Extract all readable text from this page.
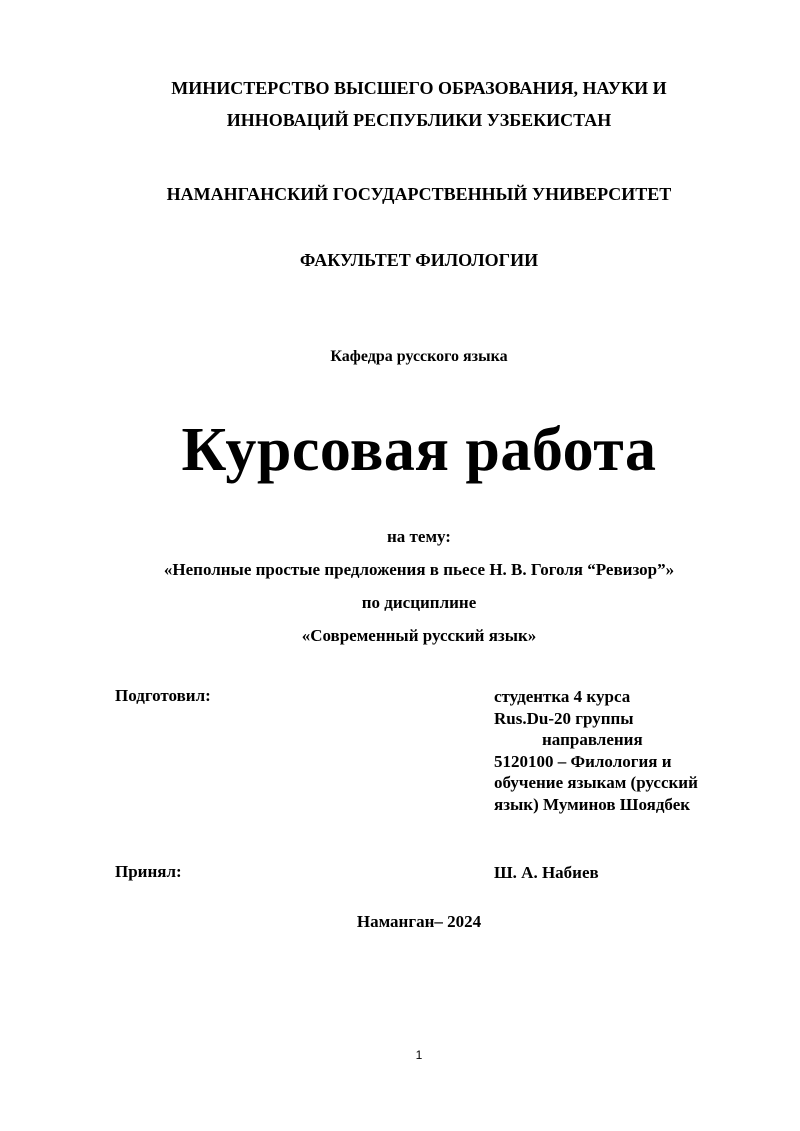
МИНИСТЕРСТВО ВЫСШЕГО ОБРАЗОВАНИЯ, НАУКИ И
ИННОВАЦИЙ РЕСПУБЛИКИ УЗБЕКИСТАН
НАМАНГАНСКИЙ ГОСУДАРСТВЕННЫЙ УНИВЕРСИТЕТ
ФАКУЛЬТЕТ ФИЛОЛОГИИ
Кафедра русского языка
Курсовая работа
на тему:
«Неполные простые предложения в пьесе Н. В. Гоголя “Ревизор”»
по дисциплине
«Современный русский язык»
Подготовил:	студентка 4 курса
Rus.Du-20 группы
направления
5120100 – Филология и
обучение языкам (русский
язык) Муминов Шоядбек
Принял:	Ш. А. Набиев
Наманган– 2024
1
